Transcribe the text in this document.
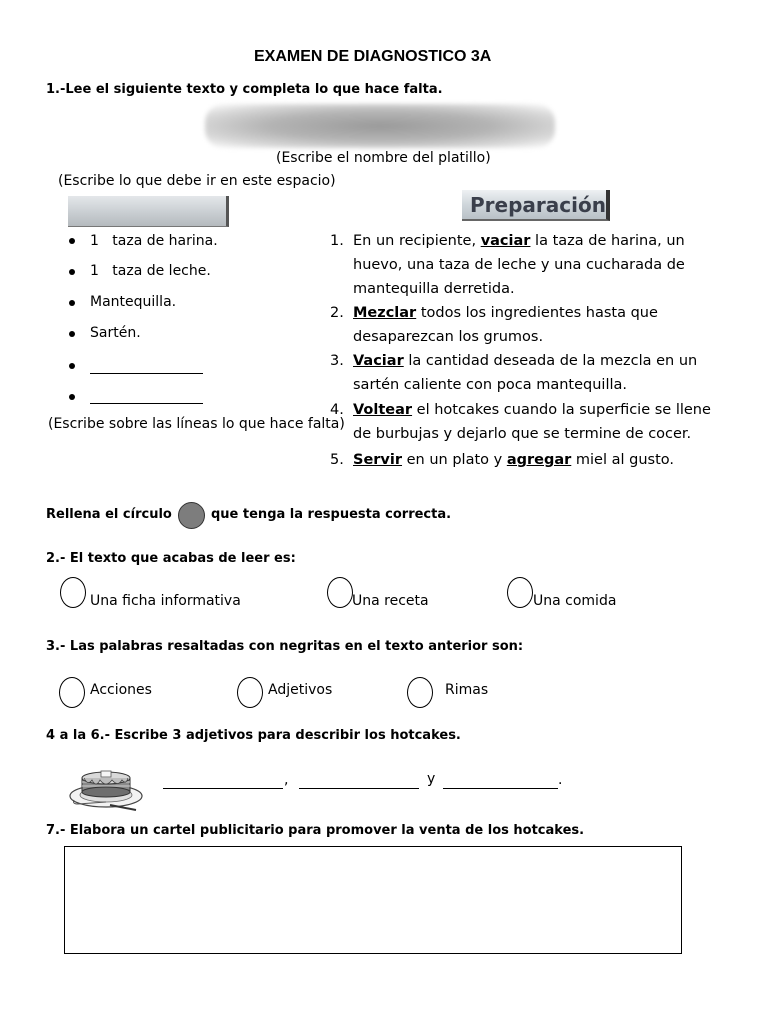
EXAMEN DE DIAGNOSTICO 3A
1.-Lee el siguiente texto y completa lo que hace falta.
(Escribe el nombre del platillo)
(Escribe lo que debe ir en este espacio)
Preparación
1 taza de harina.
1 taza de leche.
Mantequilla.
Sartén.
(Escribe sobre las líneas lo que hace falta)
1. En un recipiente, vaciar la taza de harina, un
huevo, una taza de leche y una cucharada de
mantequilla derretida.
2. Mezclar todos los ingredientes hasta que
desaparezcan los grumos.
3. Vaciar la cantidad deseada de la mezcla en un
sartén caliente con poca mantequilla.
4. Voltear el hotcakes cuando la superficie se llene
de burbujas y dejarlo que se termine de cocer.
5. Servir en un plato y agregar miel al gusto.
Rellena el círculo	que tenga la respuesta correcta.
2.- El texto que acabas de leer es:
Una ficha informativa	Una receta	Una comida
3.- Las palabras resaltadas con negritas en el texto anterior son:
Acciones	Adjetivos	Rimas
4 a la 6.- Escribe 3 adjetivos para describir los hotcakes.
,	y	.
7.- Elabora un cartel publicitario para promover la venta de los hotcakes.
